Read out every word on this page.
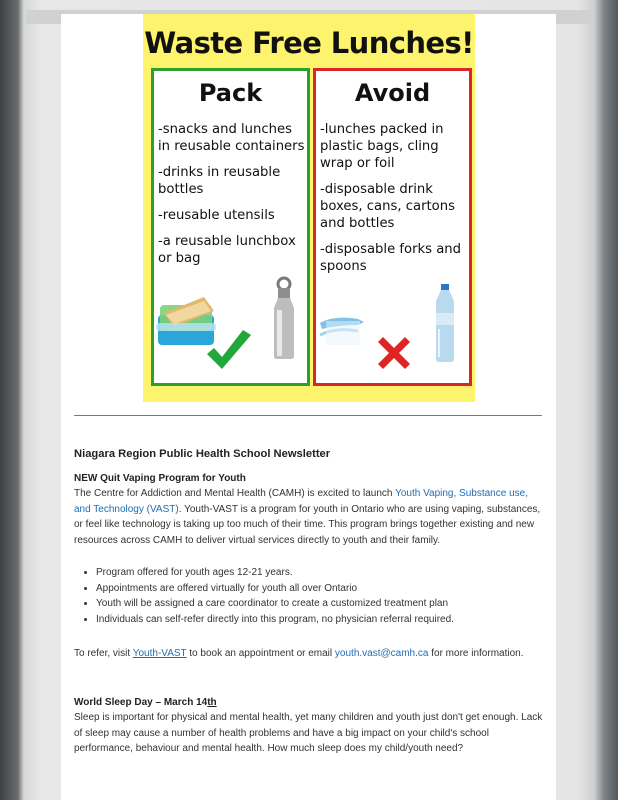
Waste Free Lunches!
Pack
-snacks and lunches in reusable containers
-drinks in reusable bottles
-reusable utensils
-a reusable lunchbox or bag
Avoid
-lunches packed in plastic bags, cling wrap or foil
-disposable drink boxes, cans, cartons and bottles
-disposable forks and spoons
Niagara Region Public Health School Newsletter
NEW Quit Vaping Program for Youth
The Centre for Addiction and Mental Health (CAMH) is excited to launch Youth Vaping, Substance use, and Technology (VAST). Youth-VAST is a program for youth in Ontario who are using vaping, substances, or feel like technology is taking up too much of their time. This program brings together existing and new resources across CAMH to deliver virtual services directly to youth and their family.
• Program offered for youth ages 12-21 years.
• Appointments are offered virtually for youth all over Ontario
• Youth will be assigned a care coordinator to create a customized treatment plan
• Individuals can self-refer directly into this program, no physician referral required.
To refer, visit Youth-VAST to book an appointment or email youth.vast@camh.ca for more information.
World Sleep Day – March 14th
Sleep is important for physical and mental health, yet many children and youth just don't get enough. Lack of sleep may cause a number of health problems and have a big impact on your child's school performance, behaviour and mental health. How much sleep does my child/youth need?
